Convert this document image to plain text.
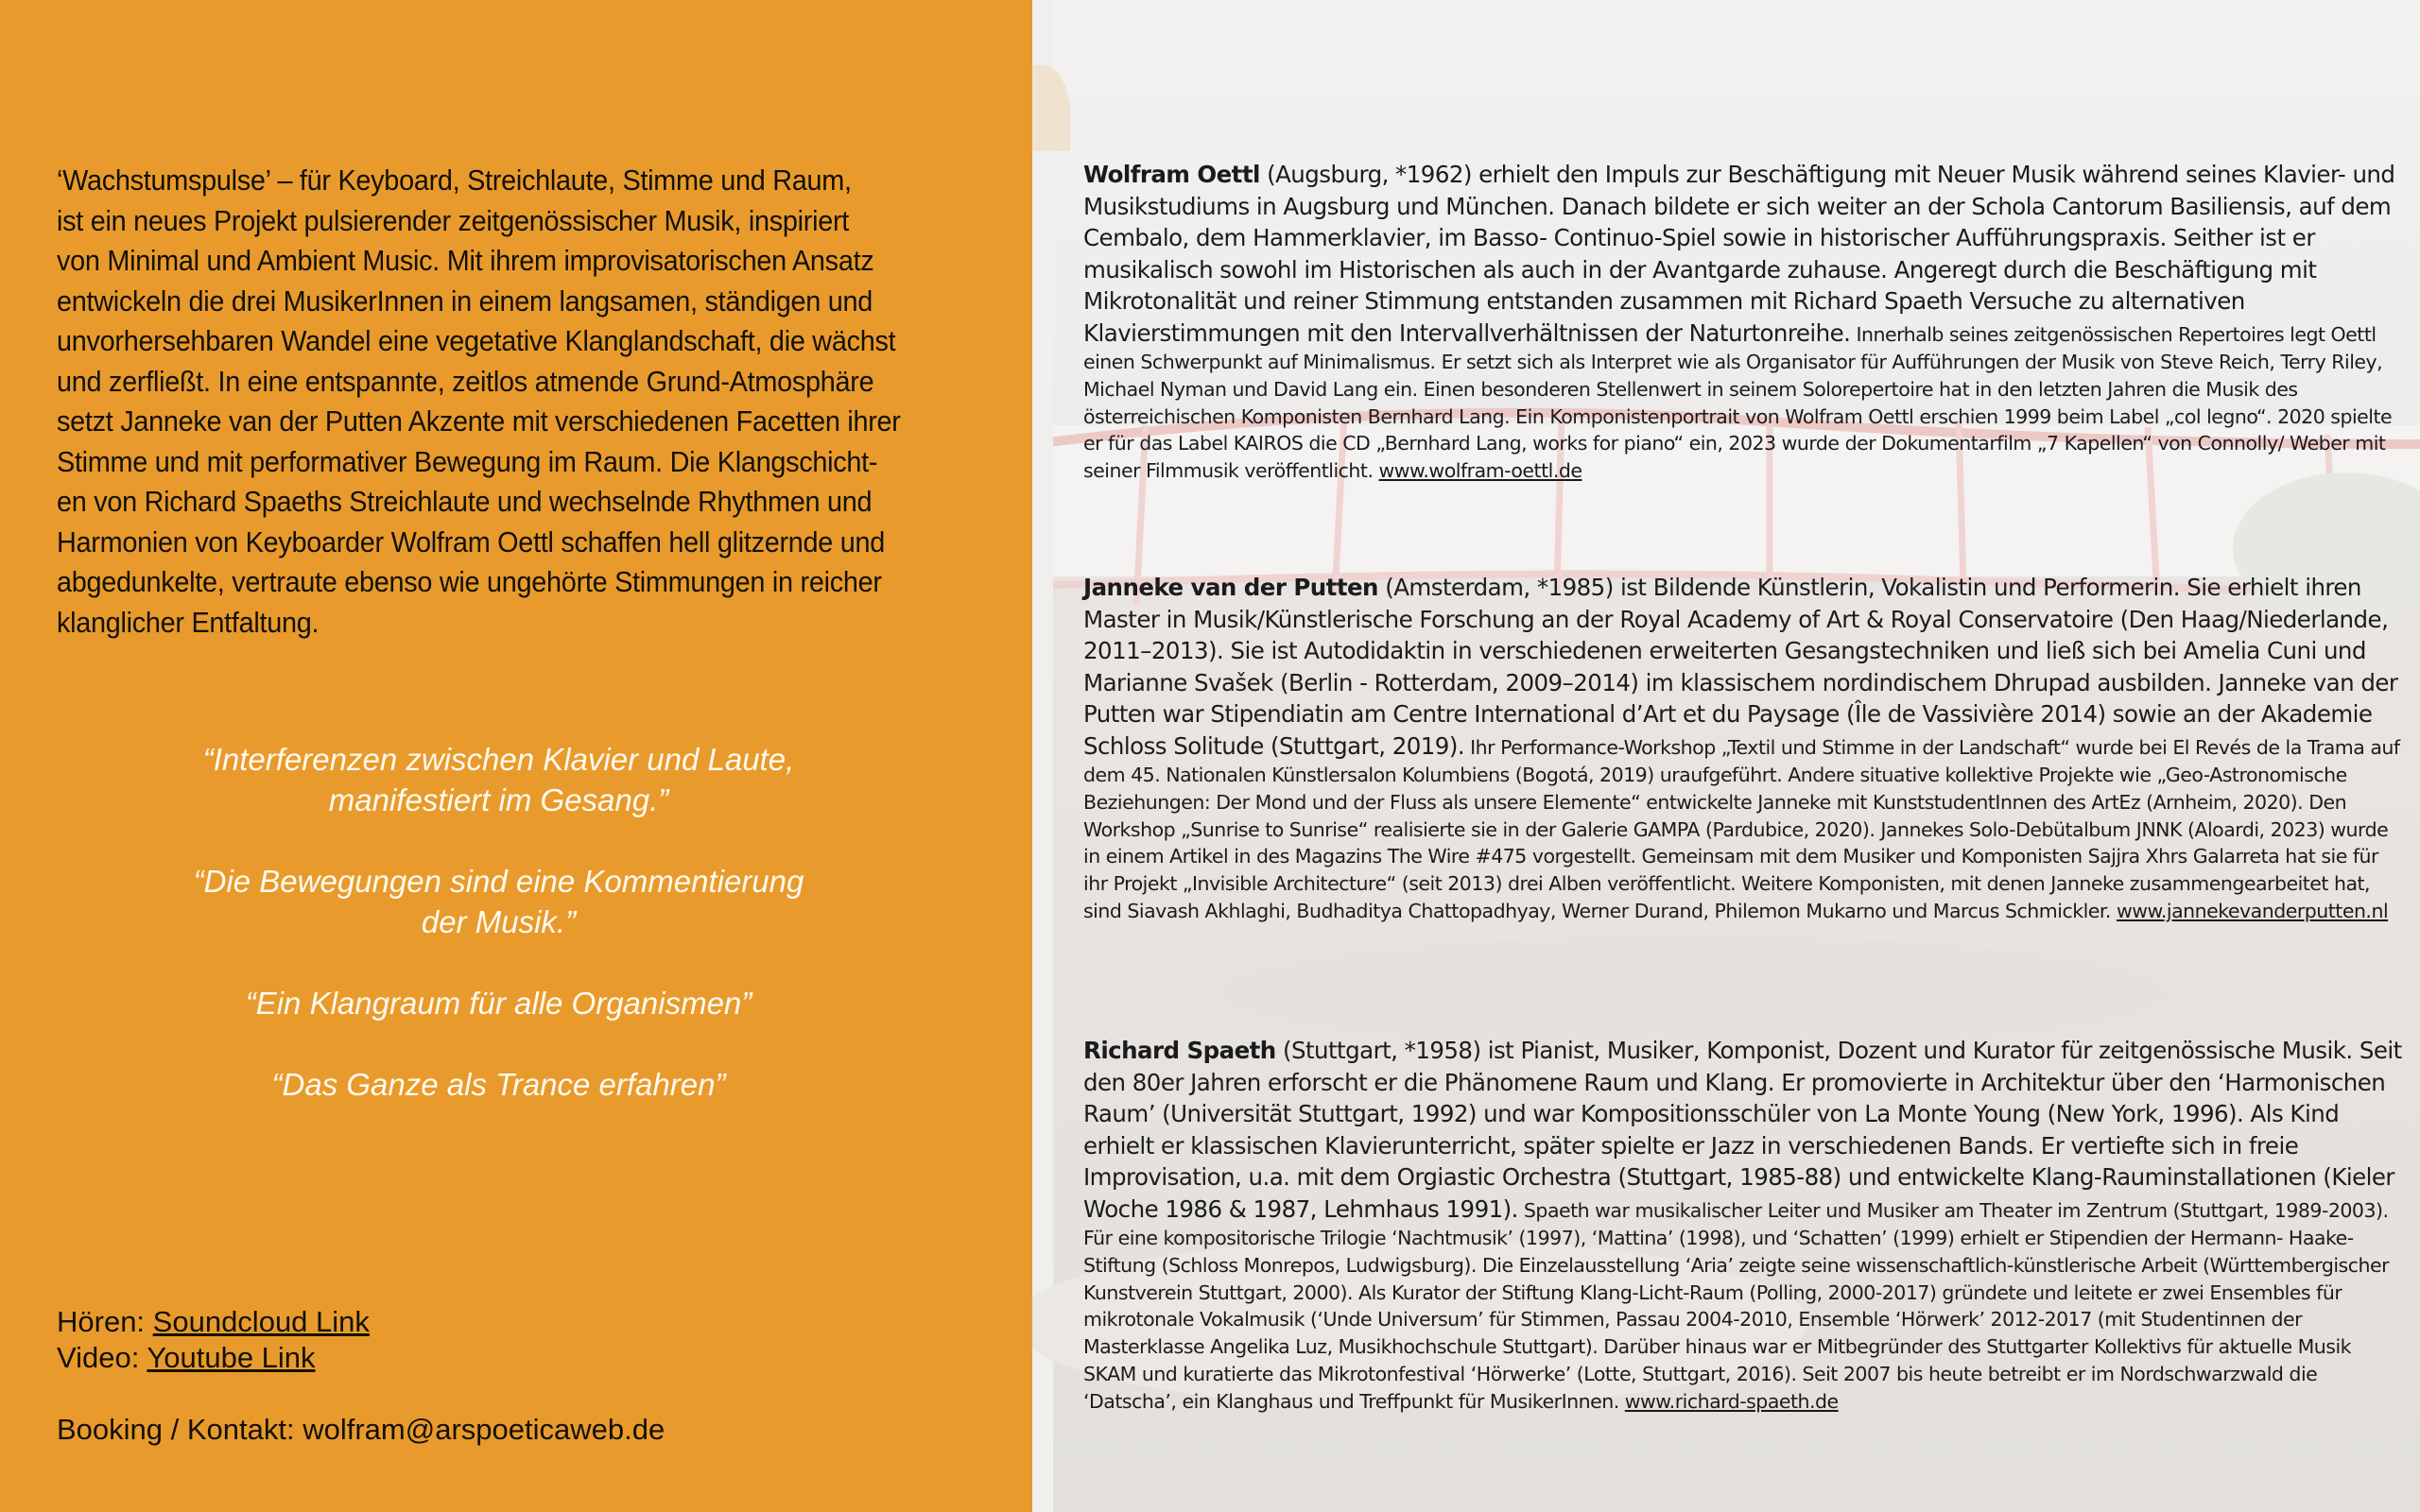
‘Wachstumspulse’ – für Keyboard, Streichlaute, Stimme und Raum,
ist ein neues Projekt pulsierender zeitgenössischer Musik, inspiriert
von Minimal und Ambient Music. Mit ihrem improvisatorischen Ansatz
entwickeln die drei MusikerInnen in einem langsamen, ständigen und
unvorhersehbaren Wandel eine vegetative Klanglandschaft, die wächst
und zerfließt. In eine entspannte, zeitlos atmende Grund-Atmosphäre
setzt Janneke van der Putten Akzente mit verschiedenen Facetten ihrer
Stimme und mit performativer Bewegung im Raum. Die Klangschicht-
en von Richard Spaeths Streichlaute und wechselnde Rhythmen und
Harmonien von Keyboarder Wolfram Oettl schaffen hell glitzernde und
abgedunkelte, vertraute ebenso wie ungehörte Stimmungen in reicher
klanglicher Entfaltung.

“Interferenzen zwischen Klavier und Laute,
manifestiert im Gesang.”

“Die Bewegungen sind eine Kommentierung
der Musik.”

“Ein Klangraum für alle Organismen”

“Das Ganze als Trance erfahren”

Hören: Soundcloud Link
Video: Youtube Link
Booking / Kontakt: wolfram@arspoeticaweb.de

Wolfram Oettl (Augsburg, *1962) erhielt den Impuls zur Beschäftigung mit Neuer Musik während seines Klavier- und Musikstudiums in Augsburg und München. Danach bildete er sich weiter an der Schola Cantorum Basiliensis, auf dem Cembalo, dem Hammerklavier, im Basso- Continuo-Spiel sowie in historischer Aufführungspraxis. Seither ist er musikalisch sowohl im Historischen als auch in der Avantgarde zuhause. Angeregt durch die Beschäftigung mit Mikrotonalität und reiner Stimmung entstanden zusammen mit Richard Spaeth Versuche zu alternativen Klavierstimmungen mit den Intervallverhältnissen der Naturtonreihe. Innerhalb seines zeitgenössischen Repertoires legt Oettl einen Schwerpunkt auf Minimalismus. Er setzt sich als Interpret wie als Organisator für Aufführungen der Musik von Steve Reich, Terry Riley, Michael Nyman und David Lang ein. Einen besonderen Stellenwert in seinem Solorepertoire hat in den letzten Jahren die Musik des österreichischen Komponisten Bernhard Lang. Ein Komponistenportrait von Wolfram Oettl erschien 1999 beim Label „col legno“. 2020 spielte er für das Label KAIROS die CD „Bernhard Lang, works for piano“ ein, 2023 wurde der Dokumentarfilm „7 Kapellen“ von Connolly/ Weber mit seiner Filmmusik veröffentlicht. www.wolfram-oettl.de

Janneke van der Putten (Amsterdam, *1985) ist Bildende Künstlerin, Vokalistin und Performerin. Sie erhielt ihren Master in Musik/Künstlerische Forschung an der Royal Academy of Art & Royal Conservatoire (Den Haag/Niederlande, 2011–2013). Sie ist Autodidaktin in verschiedenen erweiterten Gesangstechniken und ließ sich bei Amelia Cuni und Marianne Svašek (Berlin - Rotterdam, 2009–2014) im klassischem nordindischem Dhrupad ausbilden. Janneke van der Putten war Stipendiatin am Centre International d’Art et du Paysage (Île de Vassivière 2014) sowie an der Akademie Schloss Solitude (Stuttgart, 2019). Ihr Performance-Workshop „Textil und Stimme in der Landschaft“ wurde bei El Revés de la Trama auf dem 45. Nationalen Künstlersalon Kolumbiens (Bogotá, 2019) uraufgeführt. Andere situative kollektive Projekte wie „Geo-Astronomische Beziehungen: Der Mond und der Fluss als unsere Elemente“ entwickelte Janneke mit KunststudentInnen des ArtEz (Arnheim, 2020). Den Workshop „Sunrise to Sunrise“ realisierte sie in der Galerie GAMPA (Pardubice, 2020). Jannekes Solo-Debütalbum JNNK (Aloardi, 2023) wurde in einem Artikel in des Magazins The Wire #475 vorgestellt. Gemeinsam mit dem Musiker und Komponisten Sajjra Xhrs Galarreta hat sie für ihr Projekt „Invisible Architecture“ (seit 2013) drei Alben veröffentlicht. Weitere Komponisten, mit denen Janneke zusammengearbeitet hat, sind Siavash Akhlaghi, Budhaditya Chattopadhyay, Werner Durand, Philemon Mukarno und Marcus Schmickler. www.jannekevanderputten.nl

Richard Spaeth (Stuttgart, *1958) ist Pianist, Musiker, Komponist, Dozent und Kurator für zeitgenössische Musik. Seit den 80er Jahren erforscht er die Phänomene Raum und Klang. Er promovierte in Architektur über den ‘Harmonischen Raum’ (Universität Stuttgart, 1992) und war Kompositionsschüler von La Monte Young (New York, 1996). Als Kind erhielt er klassischen Klavierunterricht, später spielte er Jazz in verschiedenen Bands. Er vertiefte sich in freie Improvisation, u.a. mit dem Orgiastic Orchestra (Stuttgart, 1985-88) und entwickelte Klang-Rauminstallationen (Kieler Woche 1986 & 1987, Lehmhaus 1991). Spaeth war musikalischer Leiter und Musiker am Theater im Zentrum (Stuttgart, 1989-2003). Für eine kompositorische Trilogie ‘Nachtmusik’ (1997), ‘Mattina’ (1998), und ‘Schatten’ (1999) erhielt er Stipendien der Hermann- Haake-Stiftung (Schloss Monrepos, Ludwigsburg). Die Einzelausstellung ‘Aria’ zeigte seine wissenschaftlich-künstlerische Arbeit (Württembergischer Kunstverein Stuttgart, 2000). Als Kurator der Stiftung Klang-Licht-Raum (Polling, 2000-2017) gründete und leitete er zwei Ensembles für mikrotonale Vokalmusik (‘Unde Universum’ für Stimmen, Passau 2004-2010, Ensemble ‘Hörwerk’ 2012-2017 (mit Studentinnen der Masterklasse Angelika Luz, Musikhochschule Stuttgart). Darüber hinaus war er Mitbegründer des Stuttgarter Kollektivs für aktuelle Musik SKAM und kuratierte das Mikrotonfestival ‘Hörwerke’ (Lotte, Stuttgart, 2016). Seit 2007 bis heute betreibt er im Nordschwarzwald die ‘Datscha’, ein Klanghaus und Treffpunkt für MusikerInnen. www.richard-spaeth.de
